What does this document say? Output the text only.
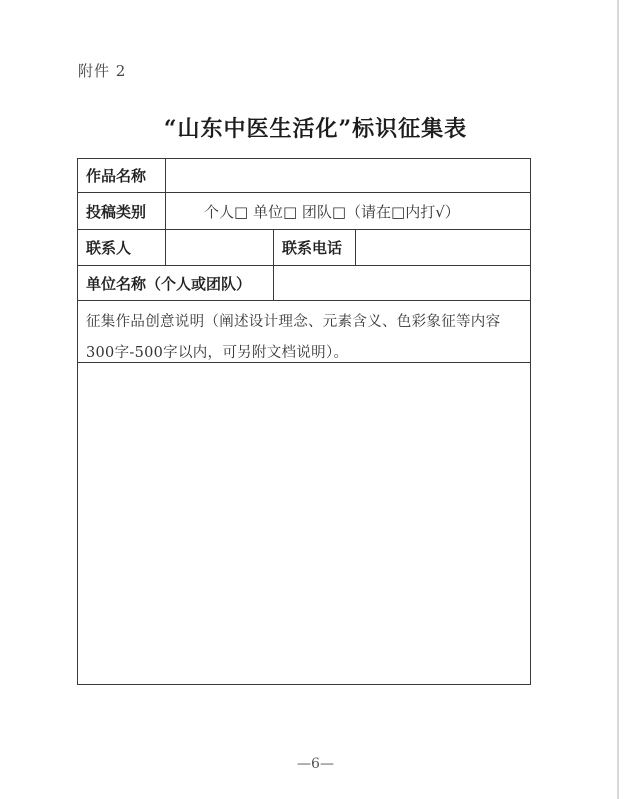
附件 2
“山东中医生活化”标识征集表
作品名称
投稿类别	个人□ 单位□ 团队□（请在□内打√）
联系人	联系电话
单位名称（个人或团队）
征集作品创意说明（阐述设计理念、元素含义、色彩象征等内容300字-500字以内，可另附文档说明）。
—6—
